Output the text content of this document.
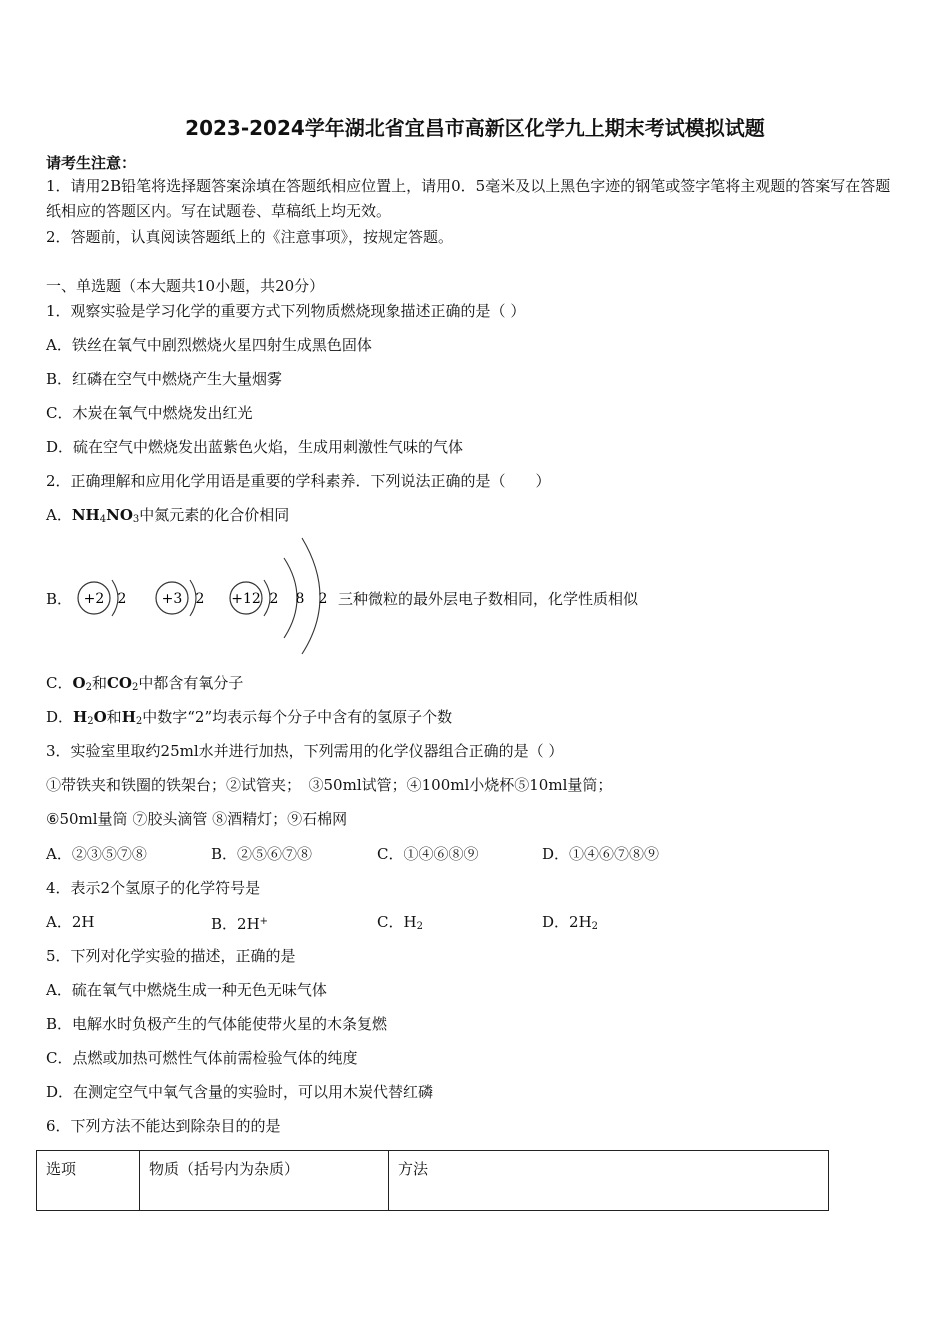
2023-2024学年湖北省宜昌市高新区化学九上期末考试模拟试题
请考生注意：
1．请用2B铅笔将选择题答案涂填在答题纸相应位置上，请用0．5毫米及以上黑色字迹的钢笔或签字笔将主观题的答案写在答题纸相应的答题区内。写在试题卷、草稿纸上均无效。
2．答题前，认真阅读答题纸上的《注意事项》，按规定答题。
一、单选题（本大题共10小题，共20分）
1．观察实验是学习化学的重要方式下列物质燃烧现象描述正确的是（ ）
A．铁丝在氧气中剧烈燃烧火星四射生成黑色固体
B．红磷在空气中燃烧产生大量烟雾
C．木炭在氧气中燃烧发出红光
D．硫在空气中燃烧发出蓝紫色火焰，生成用刺激性气味的气体
2．正确理解和应用化学用语是重要的学科素养．下列说法正确的是（　　）
A．$NH_4NO_3$中氮元素的化合价相同
B． +2 2	+3 2 +12 2 8 2 三种微粒的最外层电子数相同，化学性质相似
C．$O_2$和$CO_2$中都含有氧分子
D．$H_2O$和$H_2$中数字“2”均表示每个分子中含有的氢原子个数
3．实验室里取约25ml水并进行加热，下列需用的化学仪器组合正确的是（ ）
①带铁夹和铁圈的铁架台；②试管夹；　③50ml试管；④100ml小烧杯⑤10ml量筒；
⑥50ml量筒 ⑦胶头滴管 ⑧酒精灯；⑨石棉网
A．②③⑤⑦⑧	B．②⑤⑥⑦⑧	C．①④⑥⑧⑨	D．①④⑥⑦⑧⑨
4．表示2个氢原子的化学符号是
A．2H	B．2H+	C．$H_2$	D．$2H_2$
5．下列对化学实验的描述，正确的是
A．硫在氧气中燃烧生成一种无色无味气体
B．电解水时负极产生的气体能使带火星的木条复燃
C．点燃或加热可燃性气体前需检验气体的纯度
D．在测定空气中氧气含量的实验时，可以用木炭代替红磷
6．下列方法不能达到除杂目的的是
选项	物质（括号内为杂质）	方法
